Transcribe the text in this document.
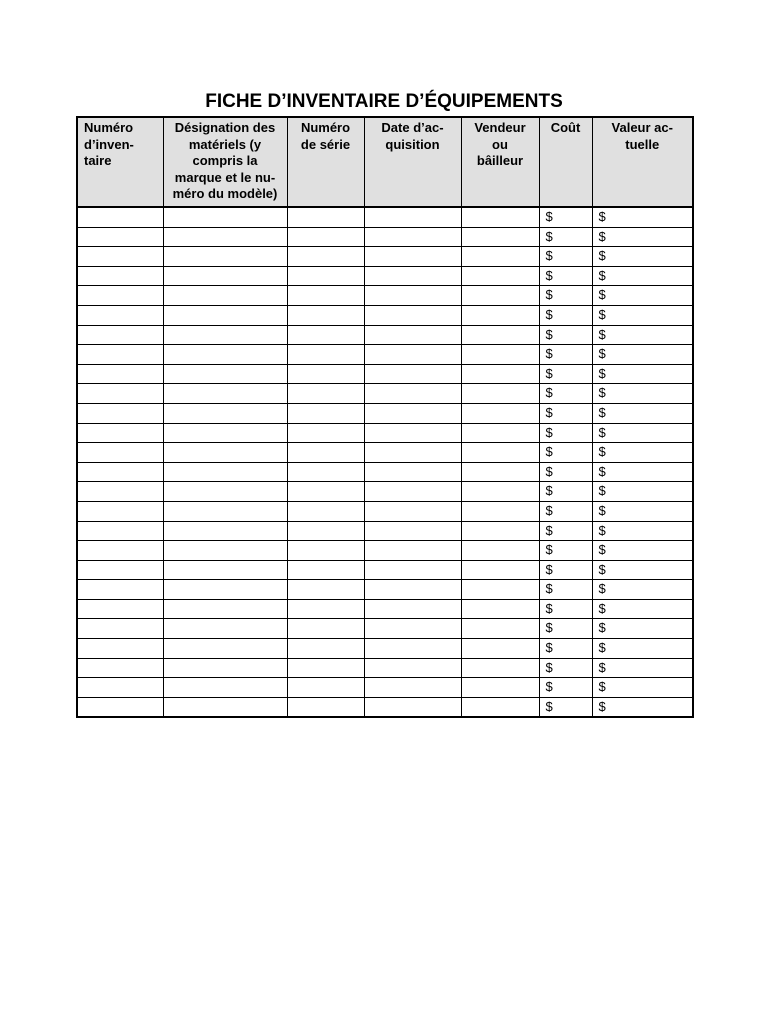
FICHE D’INVENTAIRE D’ÉQUIPEMENTS
Numéro
d’inven-
taire	Désignation des
matériels (y
compris la
marque et le nu-
méro du modèle)	Numéro
de série	Date d’ac-
quisition	Vendeur
ou
bâilleur	Coût	Valeur ac-
tuelle
					$	$
					$	$
					$	$
					$	$
					$	$
					$	$
					$	$
					$	$
					$	$
					$	$
					$	$
					$	$
					$	$
					$	$
					$	$
					$	$
					$	$
					$	$
					$	$
					$	$
					$	$
					$	$
					$	$
					$	$
					$	$
					$	$
